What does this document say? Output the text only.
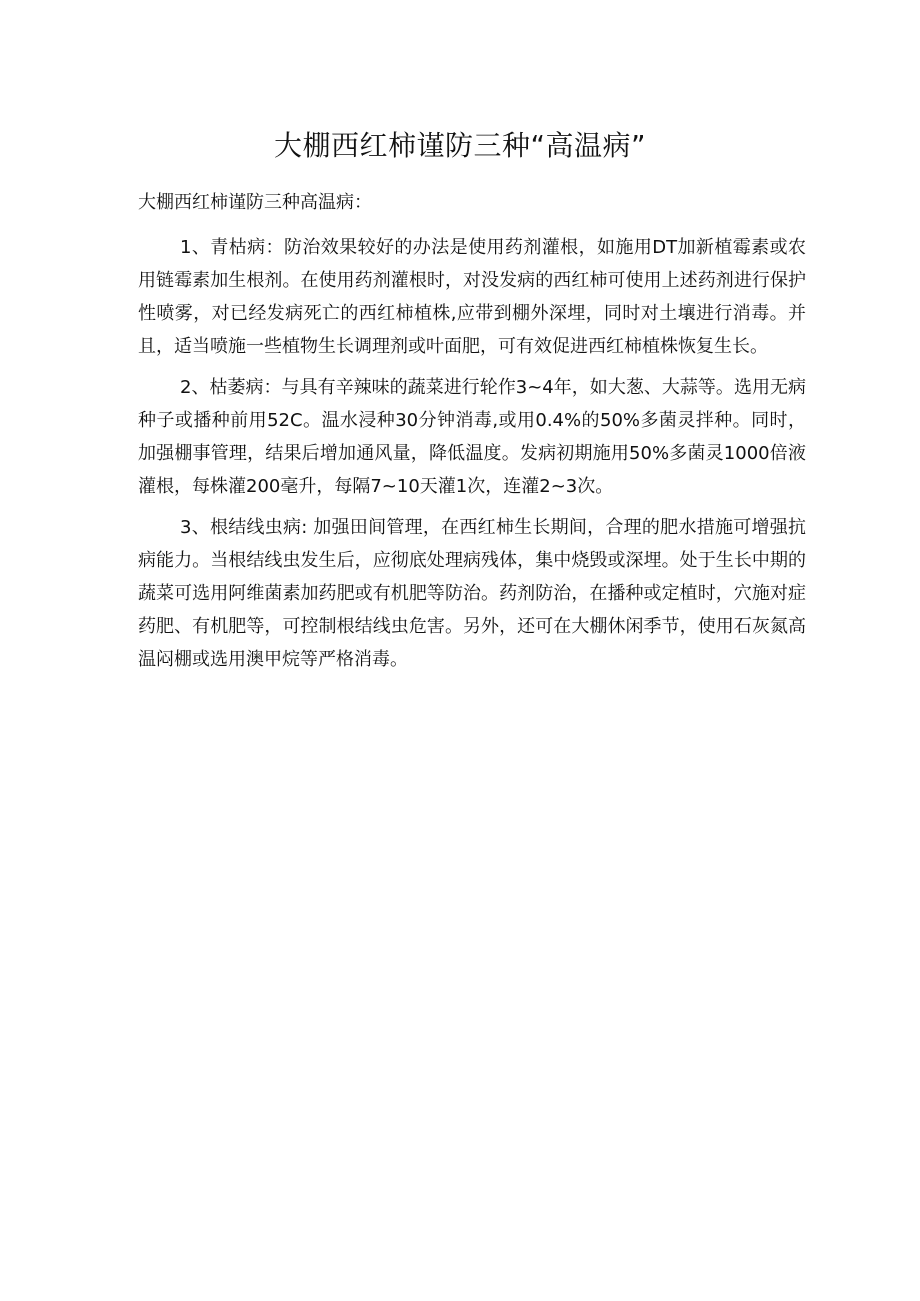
大棚西红柿谨防三种“高温病”

大棚西红柿谨防三种高温病：

1、青枯病：防治效果较好的办法是使用药剂灌根，如施用DT加新植霉素或农用链霉素加生根剂。在使用药剂灌根时，对没发病的西红柿可使用上述药剂进行保护性喷雾，对已经发病死亡的西红柿植株,应带到棚外深埋，同时对土壤进行消毒。并且，适当喷施一些植物生长调理剂或叶面肥，可有效促进西红柿植株恢复生长。

2、枯萎病：与具有辛辣味的蔬菜进行轮作3~4年，如大葱、大蒜等。选用无病种子或播种前用52C。温水浸种30分钟消毒,或用0.4%的50%多菌灵拌种。同时，加强棚事管理，结果后增加通风量，降低温度。发病初期施用50%多菌灵1000倍液灌根，每株灌200毫升，每隔7~10天灌1次，连灌2~3次。

3、根结线虫病: 加强田间管理，在西红柿生长期间，合理的肥水措施可增强抗病能力。当根结线虫发生后，应彻底处理病残体，集中烧毁或深埋。处于生长中期的蔬菜可选用阿维菌素加药肥或有机肥等防治。药剂防治，在播种或定植时，穴施对症药肥、有机肥等，可控制根结线虫危害。另外，还可在大棚休闲季节，使用石灰氮高温闷棚或选用澳甲烷等严格消毒。
